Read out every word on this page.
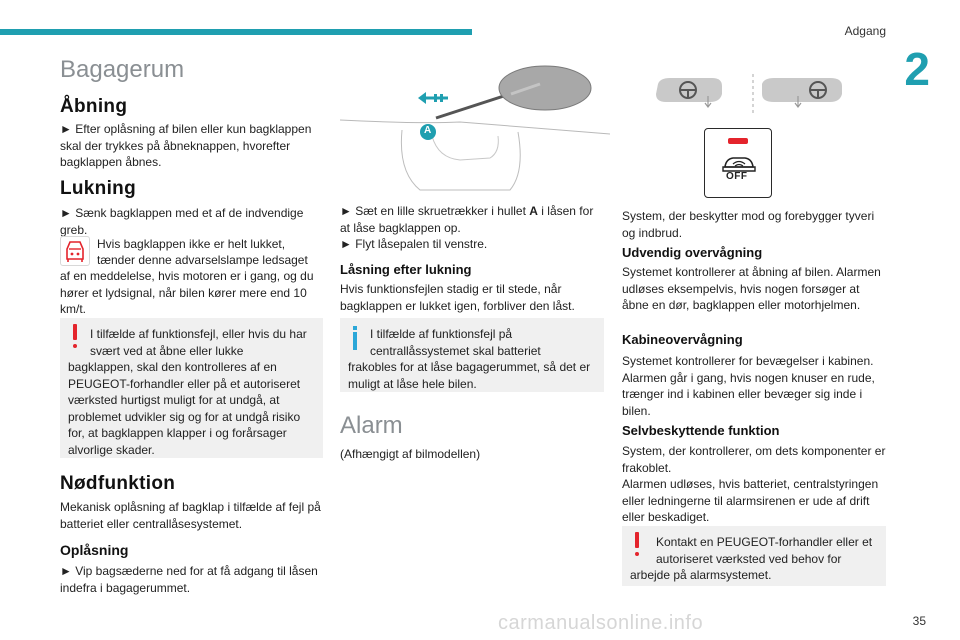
Adgang
2
35
carmanualsonline.info
Bagagerum
Åbning

► Efter oplåsning af bilen eller kun bagklappen skal der trykkes på åbneknappen, hvorefter bagklappen åbnes.

Lukning

► Sænk bagklappen med et af de indvendige greb.

Hvis bagklappen ikke er helt lukket,

tænder denne advarselslampe ledsaget

af en meddelelse, hvis motoren er i gang, og du hører et lydsignal, når bilen kører mere end 10 km/t.

I tilfælde af funktionsfejl, eller hvis du har

svært ved at åbne eller lukke

bagklappen, skal den kontrolleres af en PEUGEOT-forhandler eller på et autoriseret værksted hurtigst muligt for at undgå, at problemet udvikler sig og for at undgå risiko for, at bagklappen klapper i og forårsager alvorlige skader.

Nødfunktion

Mekanisk oplåsning af bagklap i tilfælde af fejl på batteriet eller centrallåsesystemet.

Oplåsning

► Vip bagsæderne ned for at få adgang til låsen indefra i bagagerummet.

A

► Sæt en lille skruetrækker i hullet A i låsen for at låse bagklappen op.

► Flyt låsepalen til venstre.

Låsning efter lukning

Hvis funktionsfejlen stadig er til stede, når bagklappen er lukket igen, forbliver den låst.

I tilfælde af funktionsfejl på

centrallåssystemet skal batteriet

frakobles for at låse bagagerummet, så det er muligt at låse hele bilen.

Alarm

(Afhængigt af bilmodellen)

OFF

System, der beskytter mod og forebygger tyveri og indbrud.

Udvendig overvågning

Systemet kontrollerer at åbning af bilen. Alarmen udløses eksempelvis, hvis nogen forsøger at åbne en dør, bagklappen eller motorhjelmen.

Kabineovervågning

Systemet kontrollerer for bevægelser i kabinen. Alarmen går i gang, hvis nogen knuser en rude, trænger ind i kabinen eller bevæger sig inde i bilen.

Selvbeskyttende funktion

System, der kontrollerer, om dets komponenter er frakoblet.

Alarmen udløses, hvis batteriet, centralstyringen eller ledningerne til alarmsirenen er ude af drift eller beskadiget.

Kontakt en PEUGEOT-forhandler eller et

autoriseret værksted ved behov for

arbejde på alarmsystemet.
